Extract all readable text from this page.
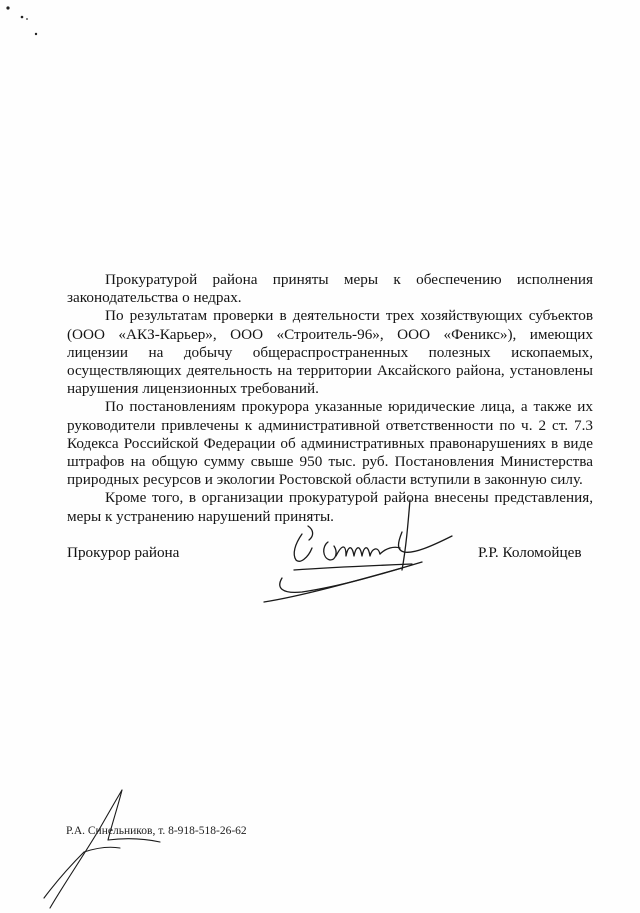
Прокуратурой района приняты меры к обеспечению исполнения законодательства о недрах.

По результатам проверки в деятельности трех хозяйствующих субъектов (ООО «АКЗ-Карьер», ООО «Строитель-96», ООО «Феникс»), имеющих лицензии на добычу общераспространенных полезных ископаемых, осуществляющих деятельность на территории Аксайского района, установлены нарушения лицензионных требований.

По постановлениям прокурора указанные юридические лица, а также их руководители привлечены к административной ответственности по ч. 2 ст. 7.3 Кодекса Российской Федерации об административных правонарушениях в виде штрафов на общую сумму свыше 950 тыс. руб. Постановления Министерства природных ресурсов и экологии Ростовской области вступили в законную силу.

Кроме того, в организации прокуратурой района внесены представления, меры к устранению нарушений приняты.

Прокурор района	Р.Р. Коломойцев
Р.А. Синельников, т. 8-918-518-26-62
